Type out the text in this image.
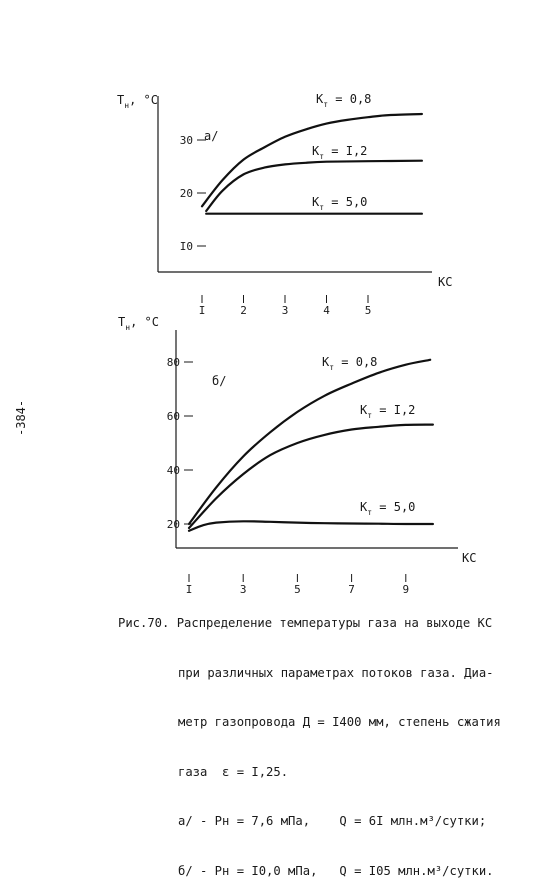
-384-
I0
20
30
I	2	3	4	5
$Т_н$, °С
КС
а/
$К_т = 0,8$
$К_т = I,2$
$К_т = 5,0$
20
40
60
80
I	3	5	7	9
$Т_н$, °С
КС
б/
$К_т = 0,8$
$К_т = I,2$
$К_т = 5,0$

Рис.70. Распределение температуры газа на выходе КС

при различных параметрах потоков газа. Диа-

метр газопровода Д = I400 мм, степень сжатия

газа  ε = I,25.

а/ - Рн = 7,6 мПа,    Q = 6I млн.м³/сутки;

б/ - Рн = I0,0 мПа,   Q = I05 млн.м³/сутки.
